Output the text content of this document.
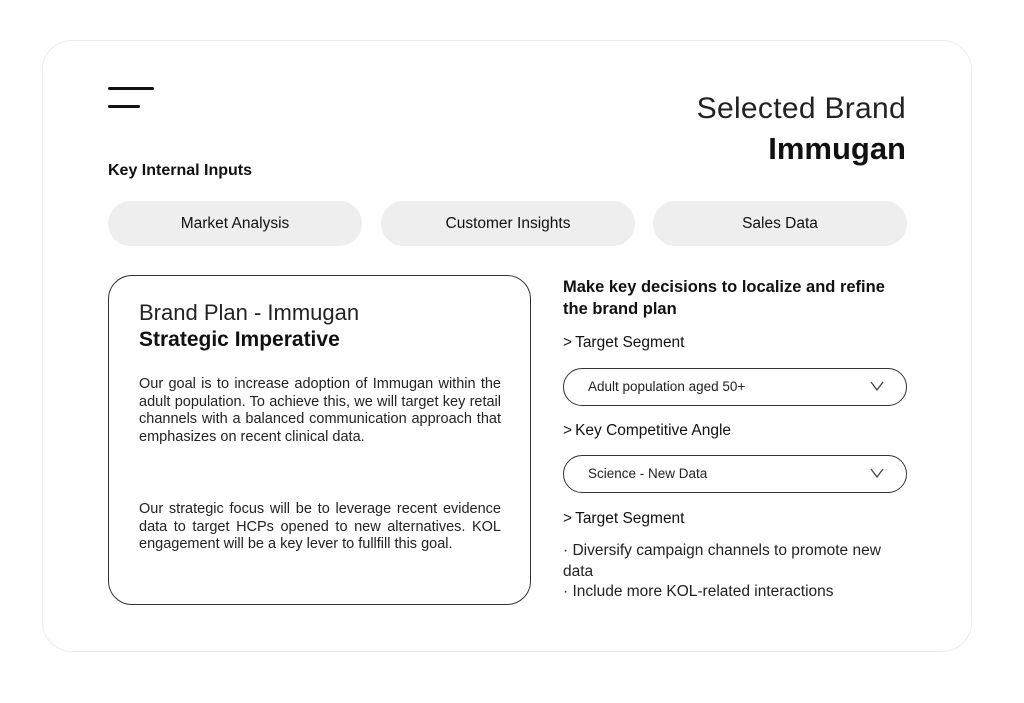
Selected Brand
Immugan
Key Internal Inputs
Market Analysis	Customer Insights	Sales Data
Brand Plan - Immugan
Strategic Imperative
Our goal is to increase adoption of Immugan within the adult population. To achieve this, we will target key retail channels with a balanced communication approach that emphasizes on recent clinical data.
Our strategic focus will be to leverage recent evidence data to target HCPs opened to new alternatives. KOL engagement will be a key lever to fullfill this goal.
Make key decisions to localize and refine the brand plan
> Target Segment
Adult population aged 50+
> Key Competitive Angle
Science - New Data
> Target Segment
· Diversify campaign channels to promote new data
· Include more KOL-related interactions
